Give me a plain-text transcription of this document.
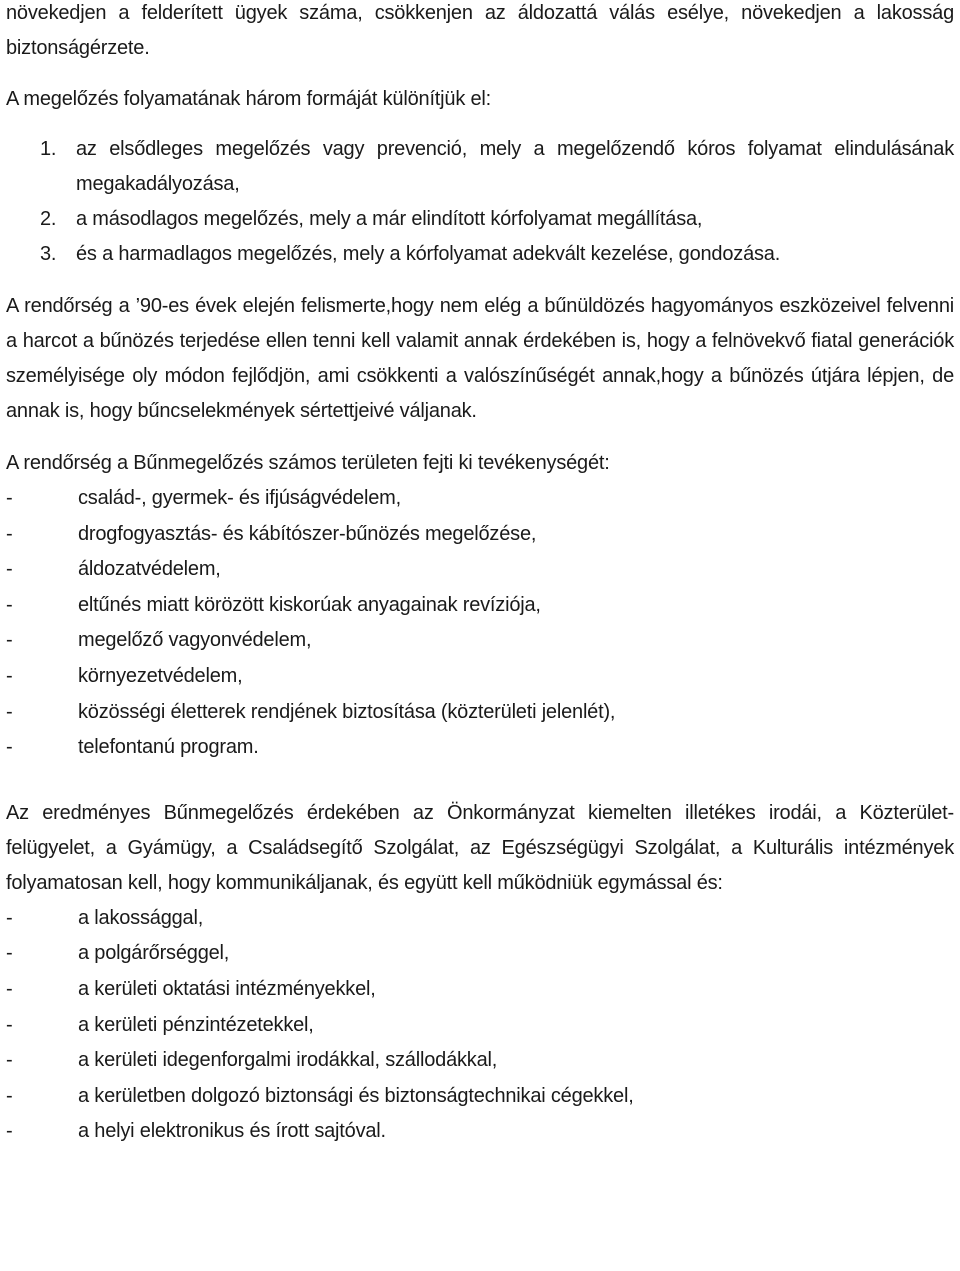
növekedjen a felderített ügyek száma, csökkenjen az áldozattá válás esélye, növekedjen a lakosság biztonságérzete.

A megelőzés folyamatának három formáját különítjük el:

1. az elsődleges megelőzés vagy prevenció, mely a megelőzendő kóros folyamat elindulásának megakadályozása,
2. a másodlagos megelőzés, mely a már elindított kórfolyamat megállítása,
3. és a harmadlagos megelőzés, mely a kórfolyamat adekvált kezelése, gondozása.

A rendőrség a ’90-es évek elején felismerte,hogy nem elég a bűnüldözés hagyományos eszközeivel felvenni a harcot a bűnözés terjedése ellen tenni kell valamit annak érdekében is, hogy a felnövekvő fiatal generációk személyisége oly módon fejlődjön, ami csökkenti a valószínűségét annak,hogy a bűnözés útjára lépjen, de annak is, hogy bűncselekmények sértettjeivé váljanak.

A rendőrség a Bűnmegelőzés számos területen fejti ki tevékenységét:

-	család-, gyermek- és ifjúságvédelem,
-	drogfogyasztás- és kábítószer-bűnözés megelőzése,
-	áldozatvédelem,
-	eltűnés miatt körözött kiskorúak anyagainak revíziója,
-	megelőző vagyonvédelem,
-	környezetvédelem,
-	közösségi életterek rendjének biztosítása (közterületi jelenlét),
-	telefontanú program.

Az eredményes Bűnmegelőzés érdekében az Önkormányzat kiemelten illetékes irodái, a Közterület-felügyelet, a Gyámügy, a Családsegítő Szolgálat, az Egészségügyi Szolgálat, a Kulturális intézmények folyamatosan kell, hogy kommunikáljanak, és együtt kell működniük egymással és:

-	a lakossággal,
-	a polgárőrséggel,
-	a kerületi oktatási intézményekkel,
-	a kerületi pénzintézetekkel,
-	a kerületi idegenforgalmi irodákkal, szállodákkal,
-	a kerületben dolgozó biztonsági és biztonságtechnikai cégekkel,
-	a helyi elektronikus és írott sajtóval.
